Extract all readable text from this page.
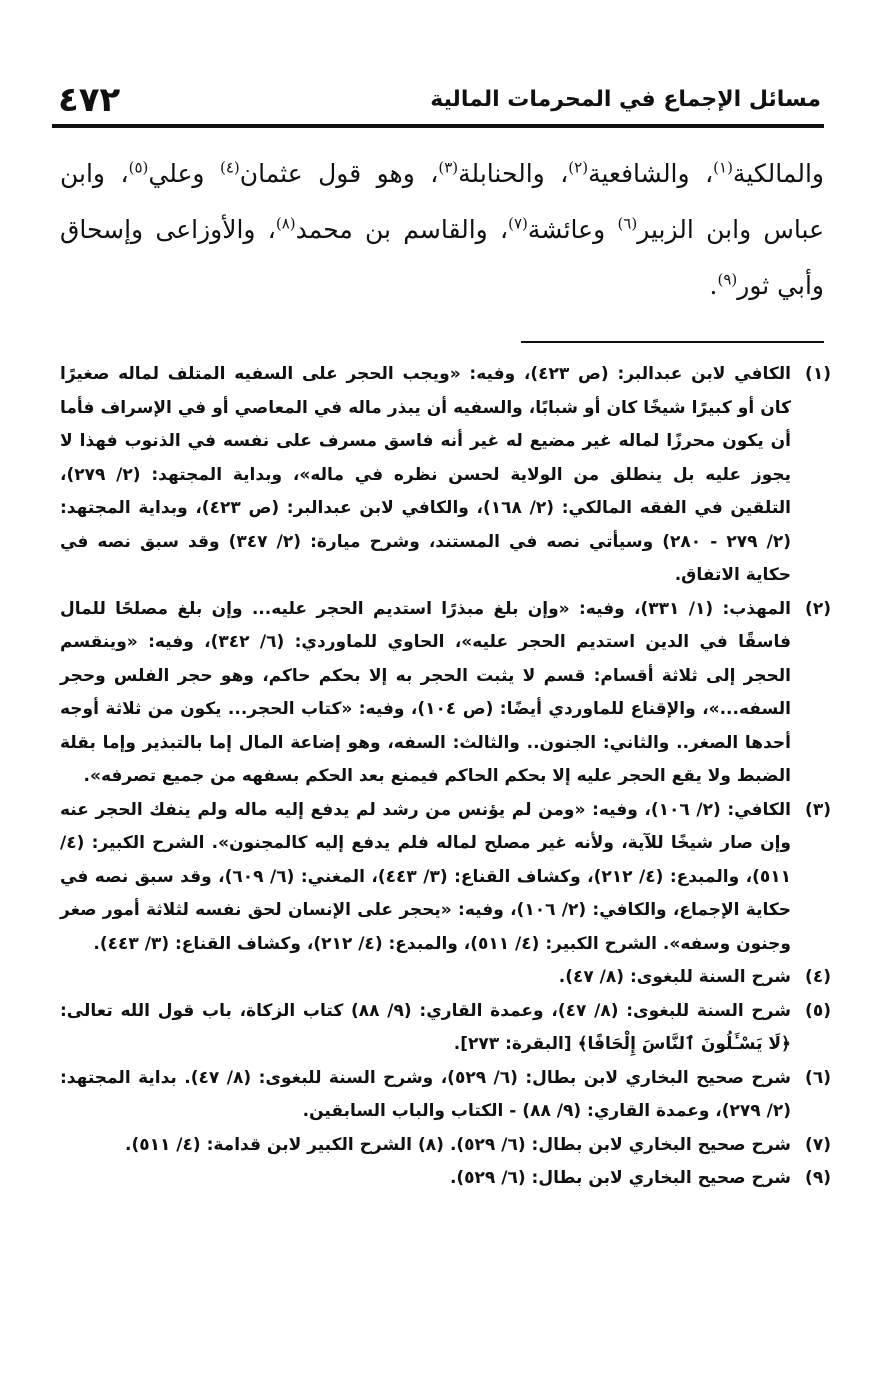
٤٧٢	مسائل الإجماع في المحرمات المالية
والمالكية$^{(١)}$، والشافعية$^{(٢)}$، والحنابلة$^{(٣)}$، وهو قول عثمان$^{(٤)}$ وعلي$^{(٥)}$، وابن عباس وابن الزبير$^{(٦)}$ وعائشة$^{(٧)}$، والقاسم بن محمد$^{(٨)}$، والأوزاعى وإسحاق وأبي ثور$^{(٩)}$.
(١)
الكافي لابن عبدالبر: (ص ٤٢٣)، وفيه: «ويجب الحجر على السفيه المتلف لماله صغيرًا كان أو كبيرًا شيخًا كان أو شبابًا، والسفيه أن يبذر ماله في المعاصي أو في الإسراف فأما أن يكون محرزًا لماله غير مضيع له غير أنه فاسق مسرف على نفسه في الذنوب فهذا لا يجوز عليه بل ينطلق من الولاية لحسن نظره في ماله»، وبداية المجتهد: (٢/ ٢٧٩)، التلقين في الفقه المالكي: (٢/ ١٦٨)، والكافي لابن عبدالبر: (ص ٤٢٣)، وبداية المجتهد: (٢/ ٢٧٩ - ٢٨٠) وسيأتي نصه في المستند، وشرح ميارة: (٢/ ٣٤٧) وقد سبق نصه في حكاية الاتفاق.
(٢)
المهذب: (١/ ٣٣١)، وفيه: «وإن بلغ مبذرًا استديم الحجر عليه... وإن بلغ مصلحًا للمال فاسقًا في الدين استديم الحجر عليه»، الحاوي للماوردي: (٦/ ٣٤٢)، وفيه: «وينقسم الحجر إلى ثلاثة أقسام: قسم لا يثبت الحجر به إلا بحكم حاكم، وهو حجر الفلس وحجر السفه...»، والإقناع للماوردي أيضًا: (ص ١٠٤)، وفيه: «كتاب الحجر... يكون من ثلاثة أوجه أحدها الصغر.. والثاني: الجنون.. والثالث: السفه، وهو إضاعة المال إما بالتبذير وإما بقلة الضبط ولا يقع الحجر عليه إلا بحكم الحاكم فيمنع بعد الحكم بسفهه من جميع تصرفه».
(٣)
الكافي: (٢/ ١٠٦)، وفيه: «ومن لم يؤنس من رشد لم يدفع إليه ماله ولم ينفك الحجر عنه وإن صار شيخًا للآية، ولأنه غير مصلح لماله فلم يدفع إليه كالمجنون». الشرح الكبير: (٤/ ٥١١)، والمبدع: (٤/ ٢١٢)، وكشاف القناع: (٣/ ٤٤٣)، المغني: (٦/ ٦٠٩)، وقد سبق نصه في حكاية الإجماع، والكافي: (٢/ ١٠٦)، وفيه: «يحجر على الإنسان لحق نفسه لثلاثة أمور صغر وجنون وسفه». الشرح الكبير: (٤/ ٥١١)، والمبدع: (٤/ ٢١٢)، وكشاف القناع: (٣/ ٤٤٣).
(٤)
شرح السنة للبغوى: (٨/ ٤٧).
(٥)
شرح السنة للبغوى: (٨/ ٤٧)، وعمدة القاري: (٩/ ٨٨) كتاب الزكاة، باب قول الله تعالى: ﴿لَا يَسْـَٔلُونَ ٱلنَّاسَ إِلْحَافًا﴾ [البقرة: ٢٧٣].
(٦)
شرح صحيح البخاري لابن بطال: (٦/ ٥٢٩)، وشرح السنة للبغوى: (٨/ ٤٧). بداية المجتهد: (٢/ ٢٧٩)، وعمدة القاري: (٩/ ٨٨) - الكتاب والباب السابقين.
(٧)
شرح صحيح البخاري لابن بطال: (٦/ ٥٢٩).(٨)الشرح الكبير لابن قدامة: (٤/ ٥١١).
(٩)
شرح صحيح البخاري لابن بطال: (٦/ ٥٢٩).
